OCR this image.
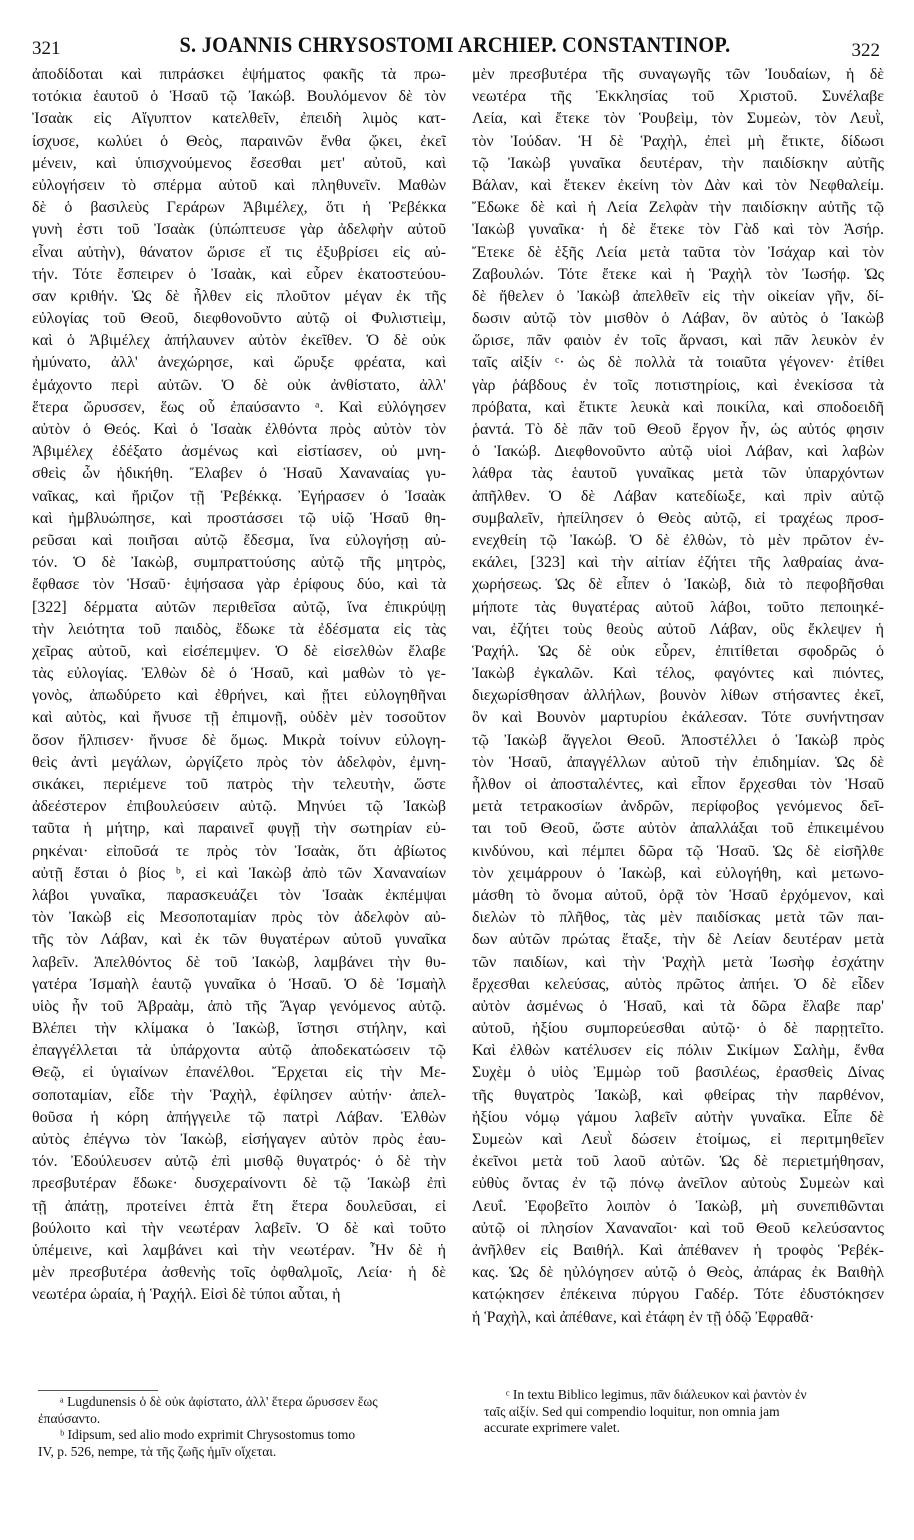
321	S. JOANNIS CHRYSOSTOMI ARCHIEP. CONSTANTINOP.	322
ἀποδίδοται καὶ πιπράσκει ἐψήματος φακῆς τὰ πρω-
τοτόκια ἑαυτοῦ ὁ Ἡσαῦ τῷ Ἰακώβ. Βουλόμενον δὲ τὸν
Ἰσαὰκ εἰς Αἴγυπτον κατελθεῖν, ἐπειδὴ λιμὸς κατ-
ίσχυσε, κωλύει ὁ Θεὸς, παραινῶν ἔνθα ᾤκει, ἐκεῖ
μένειν, καὶ ὑπισχνούμενος ἔσεσθαι μετ' αὐτοῦ, καὶ
εὐλογήσειν τὸ σπέρμα αὐτοῦ καὶ πληθυνεῖν. Μαθὼν
δὲ ὁ βασιλεὺς Γεράρων Ἀβιμέλεχ, ὅτι ἡ Ῥεβέκκα
γυνὴ ἐστι τοῦ Ἰσαὰκ (ὑπώπτευσε γὰρ ἀδελφὴν αὐτοῦ
εἶναι αὐτὴν), θάνατον ὥρισε εἴ τις ἐξυβρίσει εἰς αὐ-
τήν. Τότε ἔσπειρεν ὁ Ἰσαὰκ, καὶ εὗρεν ἑκατοστεύου-
σαν κριθήν. Ὡς δὲ ἦλθεν εἰς πλοῦτον μέγαν ἐκ τῆς
εὐλογίας τοῦ Θεοῦ, διεφθονοῦντο αὐτῷ οἱ Φυλιστιεὶμ,
καὶ ὁ Ἀβιμέλεχ ἀπήλαυνεν αὐτὸν ἐκεῖθεν. Ὁ δὲ οὐκ
ἠμύνατο, ἀλλ' ἀνεχώρησε, καὶ ὤρυξε φρέατα, καὶ
ἐμάχοντο περὶ αὐτῶν. Ὁ δὲ οὐκ ἀνθίστατο, ἀλλ'
ἕτερα ὤρυσσεν, ἕως οὗ ἐπαύσαντο ᵃ. Καὶ εὐλόγησεν
αὐτὸν ὁ Θεός. Καὶ ὁ Ἰσαὰκ ἐλθόντα πρὸς αὐτὸν τὸν
Ἀβιμέλεχ ἐδέξατο ἀσμένως καὶ εἰστίασεν, οὐ μνη-
σθεὶς ὧν ἠδικήθη. Ἔλαβεν ὁ Ἡσαῦ Χαναναίας γυ-
ναῖκας, καὶ ἤριζον τῇ Ῥεβέκκᾳ. Ἐγήρασεν ὁ Ἰσαὰκ
καὶ ἠμβλυώπησε, καὶ προστάσσει τῷ υἱῷ Ἡσαῦ θη-
ρεῦσαι καὶ ποιῆσαι αὐτῷ ἔδεσμα, ἵνα εὐλογήσῃ αὐ-
τόν. Ὁ δὲ Ἰακὼβ, συμπραττούσης αὐτῷ τῆς μητρὸς,
ἔφθασε τὸν Ἡσαῦ· ἑψήσασα γὰρ ἐρίφους δύο, καὶ τὰ
[322] δέρματα αὐτῶν περιθεῖσα αὐτῷ, ἵνα ἐπικρύψῃ
τὴν λειότητα τοῦ παιδὸς, ἔδωκε τὰ ἐδέσματα εἰς τὰς
χεῖρας αὐτοῦ, καὶ εἰσέπεμψεν. Ὁ δὲ εἰσελθὼν ἔλαβε
τὰς εὐλογίας. Ἐλθὼν δὲ ὁ Ἡσαῦ, καὶ μαθὼν τὸ γε-
γονὸς, ἀπωδύρετο καὶ ἐθρήνει, καὶ ᾔτει εὐλογηθῆναι
καὶ αὐτὸς, καὶ ἤνυσε τῇ ἐπιμονῇ, οὐδὲν μὲν τοσοῦτον
ὅσον ἤλπισεν· ἤνυσε δὲ ὅμως. Μικρὰ τοίνυν εὐλογη-
θεὶς ἀντὶ μεγάλων, ὠργίζετο πρὸς τὸν ἀδελφὸν, ἐμνη-
σικάκει, περιέμενε τοῦ πατρὸς τὴν τελευτὴν, ὥστε
ἀδεέστερον ἐπιβουλεύσειν αὐτῷ. Μηνύει τῷ Ἰακὼβ
ταῦτα ἡ μήτηρ, καὶ παραινεῖ φυγῇ τὴν σωτηρίαν εὑ-
ρηκέναι· εἰποῦσά τε πρὸς τὸν Ἰσαὰκ, ὅτι ἀβίωτος
αὐτῇ ἔσται ὁ βίος ᵇ, εἰ καὶ Ἰακὼβ ἀπὸ τῶν Χαναναίων
λάβοι γυναῖκα, παρασκευάζει τὸν Ἰσαὰκ ἐκπέμψαι
τὸν Ἰακὼβ εἰς Μεσοποταμίαν πρὸς τὸν ἀδελφὸν αὐ-
τῆς τὸν Λάβαν, καὶ ἐκ τῶν θυγατέρων αὐτοῦ γυναῖκα
λαβεῖν. Ἀπελθόντος δὲ τοῦ Ἰακὼβ, λαμβάνει τὴν θυ-
γατέρα Ἰσμαὴλ ἑαυτῷ γυναῖκα ὁ Ἡσαῦ. Ὁ δὲ Ἰσμαὴλ
υἱὸς ἦν τοῦ Ἀβραὰμ, ἀπὸ τῆς Ἄγαρ γενόμενος αὐτῷ.
Βλέπει τὴν κλίμακα ὁ Ἰακὼβ, ἵστησι στήλην, καὶ
ἐπαγγέλλεται τὰ ὑπάρχοντα αὐτῷ ἀποδεκατώσειν τῷ
Θεῷ, εἰ ὑγιαίνων ἐπανέλθοι. Ἔρχεται εἰς τὴν Με-
σοποταμίαν, εἶδε τὴν Ῥαχὴλ, ἐφίλησεν αὐτήν· ἀπελ-
θοῦσα ἡ κόρη ἀπήγγειλε τῷ πατρὶ Λάβαν. Ἐλθὼν
αὐτὸς ἐπέγνω τὸν Ἰακὼβ, εἰσήγαγεν αὐτὸν πρὸς ἑαυ-
τόν. Ἐδούλευσεν αὐτῷ ἐπὶ μισθῷ θυγατρός· ὁ δὲ τὴν
πρεσβυτέραν ἔδωκε· δυσχεραίνοντι δὲ τῷ Ἰακὼβ ἐπὶ
τῇ ἀπάτῃ, προτείνει ἑπτὰ ἔτη ἕτερα δουλεῦσαι, εἰ
βούλοιτο καὶ τὴν νεωτέραν λαβεῖν. Ὁ δὲ καὶ τοῦτο
ὑπέμεινε, καὶ λαμβάνει καὶ τὴν νεωτέραν. Ἦν δὲ ἡ
μὲν πρεσβυτέρα ἀσθενὴς τοῖς ὀφθαλμοῖς, Λεία· ἡ δὲ
νεωτέρα ὡραία, ἡ Ῥαχήλ. Εἰσὶ δὲ τύποι αὗται, ἡ
μὲν πρεσβυτέρα τῆς συναγωγῆς τῶν Ἰουδαίων, ἡ δὲ
νεωτέρα τῆς Ἐκκλησίας τοῦ Χριστοῦ. Συνέλαβε
Λεία, καὶ ἔτεκε τὸν Ῥουβεὶμ, τὸν Συμεὼν, τὸν Λευῒ,
τὸν Ἰούδαν. Ἡ δὲ Ῥαχὴλ, ἐπεὶ μὴ ἔτικτε, δίδωσι
τῷ Ἰακὼβ γυναῖκα δευτέραν, τὴν παιδίσκην αὐτῆς
Βάλαν, καὶ ἔτεκεν ἐκείνη τὸν Δὰν καὶ τὸν Νεφθαλείμ.
Ἔδωκε δὲ καὶ ἡ Λεία Ζελφὰν τὴν παιδίσκην αὐτῆς τῷ
Ἰακὼβ γυναῖκα· ἡ δὲ ἔτεκε τὸν Γὰδ καὶ τὸν Ἀσήρ.
Ἔτεκε δὲ ἑξῆς Λεία μετὰ ταῦτα τὸν Ἰσάχαρ καὶ τὸν
Ζαβουλών. Τότε ἔτεκε καὶ ἡ Ῥαχὴλ τὸν Ἰωσήφ. Ὡς
δὲ ἤθελεν ὁ Ἰακὼβ ἀπελθεῖν εἰς τὴν οἰκείαν γῆν, δί-
δωσιν αὐτῷ τὸν μισθὸν ὁ Λάβαν, ὃν αὐτὸς ὁ Ἰακὼβ
ὥρισε, πᾶν φαιὸν ἐν τοῖς ἄρνασι, καὶ πᾶν λευκὸν ἐν
ταῖς αἰξίν ᶜ· ὡς δὲ πολλὰ τὰ τοιαῦτα γέγονεν· ἐτίθει
γὰρ ῥάβδους ἐν τοῖς ποτιστηρίοις, καὶ ἐνεκίσσα τὰ
πρόβατα, καὶ ἔτικτε λευκὰ καὶ ποικίλα, καὶ σποδοειδῆ
ῥαντά. Τὸ δὲ πᾶν τοῦ Θεοῦ ἔργον ἦν, ὡς αὐτός φησιν
ὁ Ἰακώβ. Διεφθονοῦντο αὐτῷ υἱοὶ Λάβαν, καὶ λαβὼν
λάθρα τὰς ἑαυτοῦ γυναῖκας μετὰ τῶν ὑπαρχόντων
ἀπῆλθεν. Ὁ δὲ Λάβαν κατεδίωξε, καὶ πρὶν αὐτῷ
συμβαλεῖν, ἠπείλησεν ὁ Θεὸς αὐτῷ, εἰ τραχέως προσ-
ενεχθείη τῷ Ἰακώβ. Ὁ δὲ ἐλθὼν, τὸ μὲν πρῶτον ἐν-
εκάλει, [323] καὶ τὴν αἰτίαν ἐζήτει τῆς λαθραίας ἀνα-
χωρήσεως. Ὡς δὲ εἶπεν ὁ Ἰακὼβ, διὰ τὸ πεφοβῆσθαι
μήποτε τὰς θυγατέρας αὐτοῦ λάβοι, τοῦτο πεποιηκέ-
ναι, ἐζήτει τοὺς θεοὺς αὐτοῦ Λάβαν, οὓς ἔκλεψεν ἡ
Ῥαχήλ. Ὡς δὲ οὐκ εὗρεν, ἐπιτίθεται σφοδρῶς ὁ
Ἰακὼβ ἐγκαλῶν. Καὶ τέλος, φαγόντες καὶ πιόντες,
διεχωρίσθησαν ἀλλήλων, βουνὸν λίθων στήσαντες ἐκεῖ,
ὃν καὶ Βουνὸν μαρτυρίου ἐκάλεσαν. Τότε συνήντησαν
τῷ Ἰακὼβ ἄγγελοι Θεοῦ. Ἀποστέλλει ὁ Ἰακὼβ πρὸς
τὸν Ἡσαῦ, ἀπαγγέλλων αὐτοῦ τὴν ἐπιδημίαν. Ὡς δὲ
ἦλθον οἱ ἀποσταλέντες, καὶ εἶπον ἔρχεσθαι τὸν Ἡσαῦ
μετὰ τετρακοσίων ἀνδρῶν, περίφοβος γενόμενος δεῖ-
ται τοῦ Θεοῦ, ὥστε αὐτὸν ἀπαλλάξαι τοῦ ἐπικειμένου
κινδύνου, καὶ πέμπει δῶρα τῷ Ἡσαῦ. Ὡς δὲ εἰσῆλθε
τὸν χειμάρρουν ὁ Ἰακὼβ, καὶ εὐλογήθη, καὶ μετωνο-
μάσθη τὸ ὄνομα αὐτοῦ, ὁρᾷ τὸν Ἡσαῦ ἐρχόμενον, καὶ
διελὼν τὸ πλῆθος, τὰς μὲν παιδίσκας μετὰ τῶν παι-
δων αὐτῶν πρώτας ἔταξε, τὴν δὲ Λείαν δευτέραν μετὰ
τῶν παιδίων, καὶ τὴν Ῥαχὴλ μετὰ Ἰωσὴφ ἐσχάτην
ἔρχεσθαι κελεύσας, αὐτὸς πρῶτος ἀπήει. Ὁ δὲ εἶδεν
αὐτὸν ἀσμένως ὁ Ἡσαῦ, καὶ τὰ δῶρα ἔλαβε παρ'
αὐτοῦ, ἠξίου συμπορεύεσθαι αὐτῷ· ὁ δὲ παρῃτεῖτο.
Καὶ ἐλθὼν κατέλυσεν εἰς πόλιν Σικίμων Σαλὴμ, ἔνθα
Συχὲμ ὁ υἱὸς Ἐμμὼρ τοῦ βασιλέως, ἐρασθεὶς Δίνας
τῆς θυγατρὸς Ἰακὼβ, καὶ φθείρας τὴν παρθένον,
ἠξίου νόμῳ γάμου λαβεῖν αὐτὴν γυναῖκα. Εἶπε δὲ
Συμεὼν καὶ Λευῒ δώσειν ἑτοίμως, εἰ περιτμηθεῖεν
ἐκεῖνοι μετὰ τοῦ λαοῦ αὐτῶν. Ὡς δὲ περιετμήθησαν,
εὐθὺς ὄντας ἐν τῷ πόνῳ ἀνεῖλον αὐτοὺς Συμεὼν καὶ
Λευΐ. Ἐφοβεῖτο λοιπὸν ὁ Ἰακὼβ, μὴ συνεπιθῶνται
αὐτῷ οἱ πλησίον Χαναναῖοι· καὶ τοῦ Θεοῦ κελεύσαντος
ἀνῆλθεν εἰς Βαιθήλ. Καὶ ἀπέθανεν ἡ τροφὸς Ῥεβέκ-
κας. Ὡς δὲ ηὐλόγησεν αὐτῷ ὁ Θεὸς, ἀπάρας ἐκ Βαιθὴλ
κατῴκησεν ἐπέκεινα πύργου Γαδέρ. Τότε ἐδυστόκησεν
ἡ Ῥαχὴλ, καὶ ἀπέθανε, καὶ ἐτάφη ἐν τῇ ὁδῷ Ἐφραθᾶ·
ᵃ Lugdunensis ὁ δὲ οὐκ ἀφίστατο, ἀλλ' ἕτερα ὤρυσσεν ἕως
ἐπαύσαντο.
ᵇ Idipsum, sed alio modo exprimit Chrysostomus tomo
IV, p. 526, nempe, τὰ τῆς ζωῆς ἡμῖν οἴχεται.
ᶜ In textu Biblico legimus, πᾶν διάλευκον καὶ ῥαντὸν ἐν
ταῖς αἰξίν. Sed qui compendio loquitur, non omnia jam
accurate exprimere valet.
